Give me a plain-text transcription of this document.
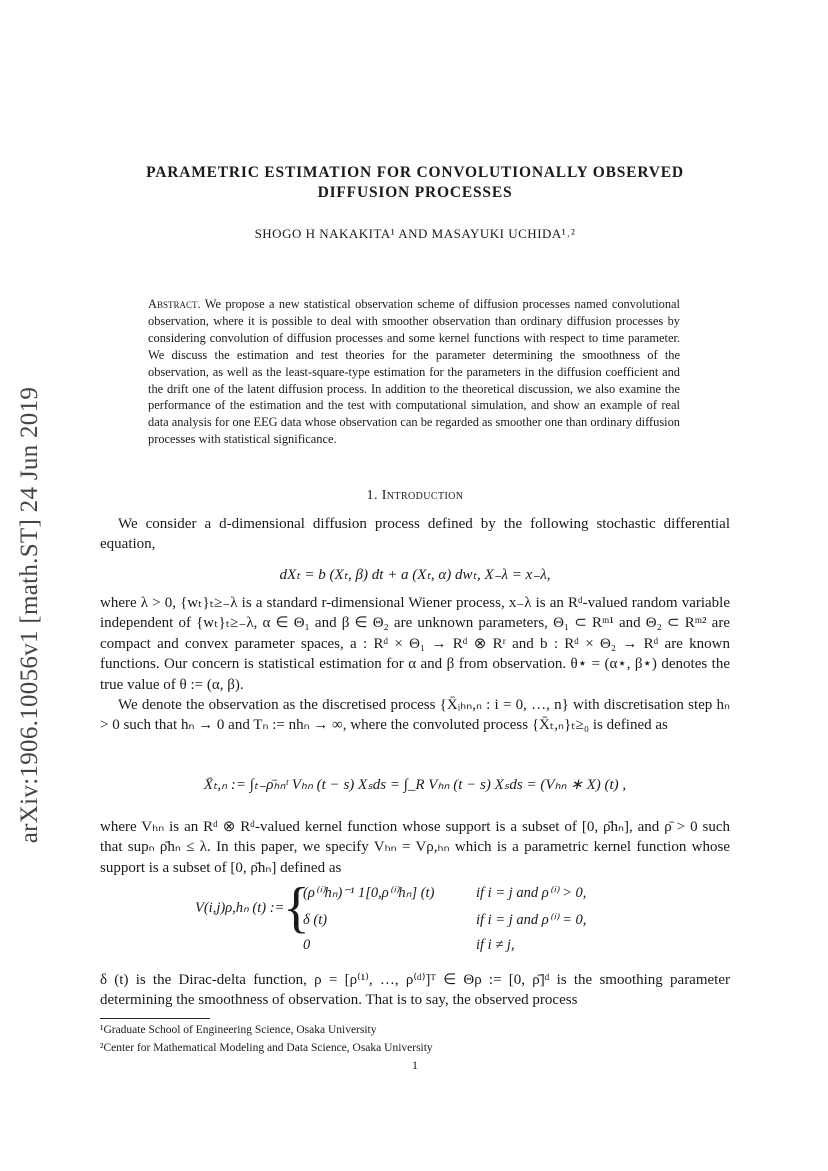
arXiv:1906.10056v1 [math.ST] 24 Jun 2019
PARAMETRIC ESTIMATION FOR CONVOLUTIONALLY OBSERVED
DIFFUSION PROCESSES
SHOGO H NAKAKITA¹ AND MASAYUKI UCHIDA¹˒²
Abstract. We propose a new statistical observation scheme of diffusion processes named convolutional observation, where it is possible to deal with smoother observation than ordinary diffusion processes by considering convolution of diffusion processes and some kernel functions with respect to time parameter. We discuss the estimation and test theories for the parameter determining the smoothness of the observation, as well as the least-square-type estimation for the parameters in the diffusion coefficient and the drift one of the latent diffusion process. In addition to the theoretical discussion, we also examine the performance of the estimation and the test with computational simulation, and show an example of real data analysis for one EEG data whose observation can be regarded as smoother one than ordinary diffusion processes with statistical significance.
1. Introduction
We consider a d-dimensional diffusion process defined by the following stochastic differential equation,
dXₜ = b (Xₜ, β) dt + a (Xₜ, α) dwₜ, X₋λ = x₋λ,
where λ > 0, {wₜ}ₜ≥₋λ is a standard r-dimensional Wiener process, x₋λ is an Rᵈ-valued random variable independent of {wₜ}ₜ≥₋λ, α ∈ Θ₁ and β ∈ Θ₂ are unknown parameters, Θ₁ ⊂ Rᵐ¹ and Θ₂ ⊂ Rᵐ² are compact and convex parameter spaces, a : Rᵈ × Θ₁ → Rᵈ ⊗ Rʳ and b : Rᵈ × Θ₂ → Rᵈ are known functions. Our concern is statistical estimation for α and β from observation. θ⋆ = (α⋆, β⋆) denotes the true value of θ := (α, β).
We denote the observation as the discretised process {X̄ᵢₕₙ,ₙ : i = 0, …, n} with discretisation step hₙ > 0 such that hₙ → 0 and Tₙ := nhₙ → ∞, where the convoluted process {X̄ₜ,ₙ}ₜ≥₀ is defined as
X̄ₜ,ₙ := ∫ₜ₋ρ̄ₕₙᵗ Vₕₙ (t − s) Xₛds = ∫_R Vₕₙ (t − s) Xₛds = (Vₕₙ ∗ X) (t) ,
where Vₕₙ is an Rᵈ ⊗ Rᵈ-valued kernel function whose support is a subset of [0, ρ̄hₙ], and ρ̄ > 0 such that supₙ ρ̄hₙ ≤ λ. In this paper, we specify Vₕₙ = Vρ,ₕₙ which is a parametric kernel function whose support is a subset of [0, ρ̄hₙ] defined as
V(i,j)ρ,hₙ (t) :=
{
(ρ⁽ⁱ⁾hₙ)⁻¹ 1[0,ρ⁽ⁱ⁾hₙ] (t)	if i = j and ρ⁽ⁱ⁾ > 0,
δ (t)	if i = j and ρ⁽ⁱ⁾ = 0,
0	if i ≠ j,
δ (t) is the Dirac-delta function, ρ = [ρ⁽¹⁾, …, ρ⁽ᵈ⁾]ᵀ ∈ Θρ := [0, ρ̄]ᵈ is the smoothing parameter determining the smoothness of observation. That is to say, the observed process
¹Graduate School of Engineering Science, Osaka University
²Center for Mathematical Modeling and Data Science, Osaka University
1
